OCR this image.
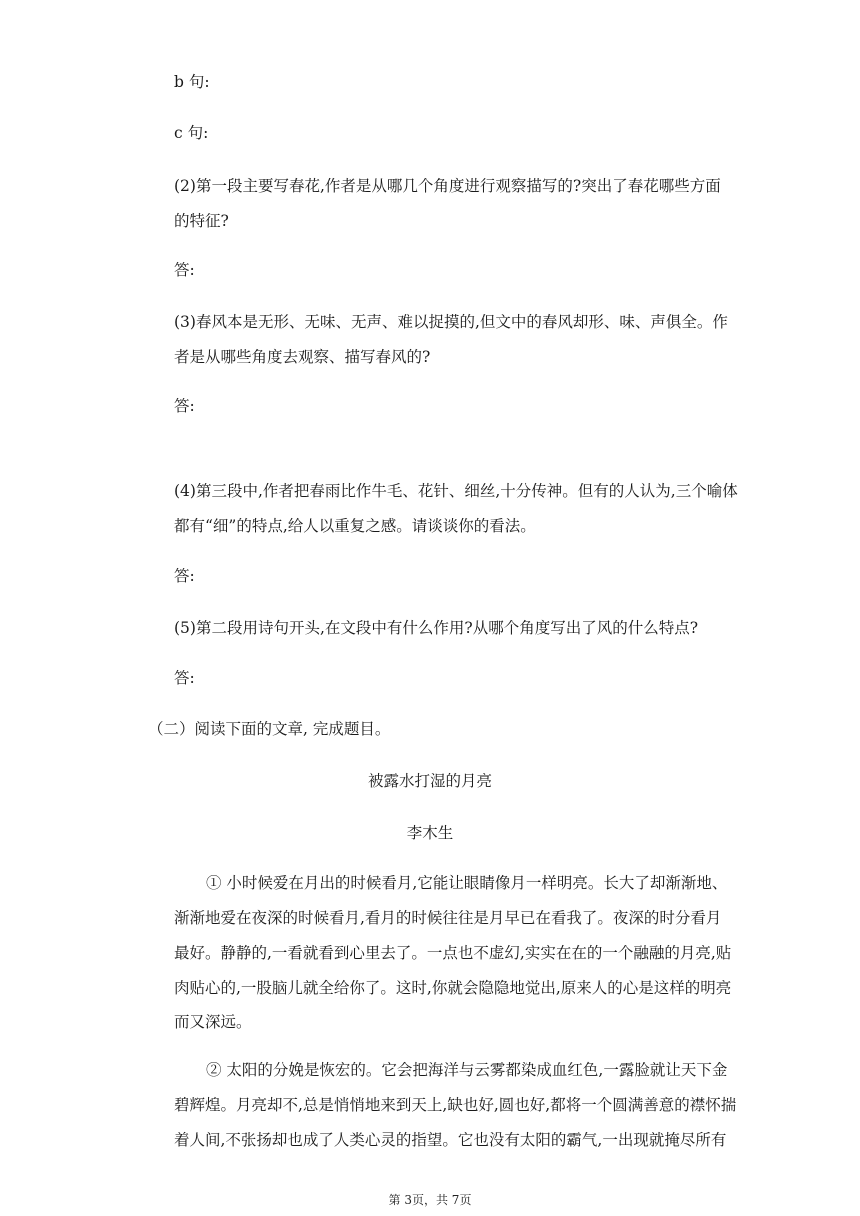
b 句:
c 句:
(2)第一段主要写春花,作者是从哪几个角度进行观察描写的?突出了春花哪些方面
的特征?
答:
(3)春风本是无形、无味、无声、难以捉摸的,但文中的春风却形、味、声俱全。作
者是从哪些角度去观察、描写春风的?
答:
(4)第三段中,作者把春雨比作牛毛、花针、细丝,十分传神。但有的人认为,三个喻体
都有“细”的特点,给人以重复之感。请谈谈你的看法。
答:
(5)第二段用诗句开头,在文段中有什么作用?从哪个角度写出了风的什么特点?
答:
（二）阅读下面的文章, 完成题目。
被露水打湿的月亮
李木生
① 小时候爱在月出的时候看月,它能让眼睛像月一样明亮。长大了却渐渐地、
渐渐地爱在夜深的时候看月,看月的时候往往是月早已在看我了。夜深的时分看月
最好。静静的,一看就看到心里去了。一点也不虚幻,实实在在的一个融融的月亮,贴
肉贴心的,一股脑儿就全给你了。这时,你就会隐隐地觉出,原来人的心是这样的明亮
而又深远。
② 太阳的分娩是恢宏的。它会把海洋与云雾都染成血红色,一露脸就让天下金
碧辉煌。月亮却不,总是悄悄地来到天上,缺也好,圆也好,都将一个圆满善意的襟怀揣
着人间,不张扬却也成了人类心灵的指望。它也没有太阳的霸气,一出现就掩尽所有
第 3页，共 7页
